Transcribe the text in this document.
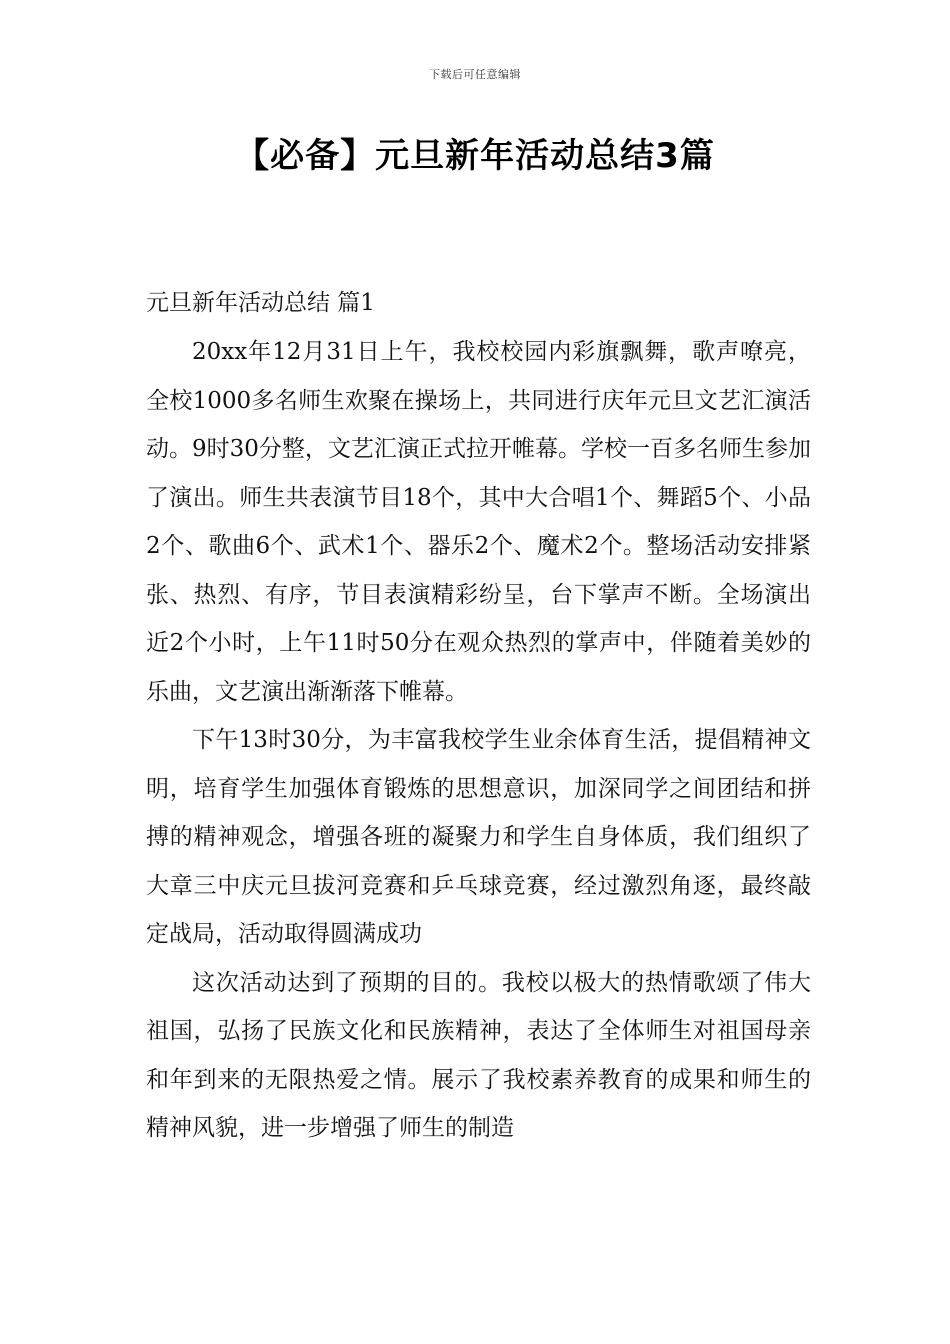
下载后可任意编辑
【必备】元旦新年活动总结3篇
元旦新年活动总结 篇1

20xx年12月31日上午，我校校园内彩旗飘舞，歌声嘹亮，全校1000多名师生欢聚在操场上，共同进行庆年元旦文艺汇演活动。9时30分整，文艺汇演正式拉开帷幕。学校一百多名师生参加了演出。师生共表演节目18个，其中大合唱1个、舞蹈5个、小品2个、歌曲6个、武术1个、器乐2个、魔术2个。整场活动安排紧张、热烈、有序，节目表演精彩纷呈，台下掌声不断。全场演出近2个小时，上午11时50分在观众热烈的掌声中，伴随着美妙的乐曲，文艺演出渐渐落下帷幕。

下午13时30分，为丰富我校学生业余体育生活，提倡精神文明，培育学生加强体育锻炼的思想意识，加深同学之间团结和拼搏的精神观念，增强各班的凝聚力和学生自身体质，我们组织了大章三中庆元旦拔河竞赛和乒乓球竞赛，经过激烈角逐，最终敲定战局，活动取得圆满成功

这次活动达到了预期的目的。我校以极大的热情歌颂了伟大祖国，弘扬了民族文化和民族精神，表达了全体师生对祖国母亲和年到来的无限热爱之情。展示了我校素养教育的成果和师生的精神风貌，进一步增强了师生的制造
